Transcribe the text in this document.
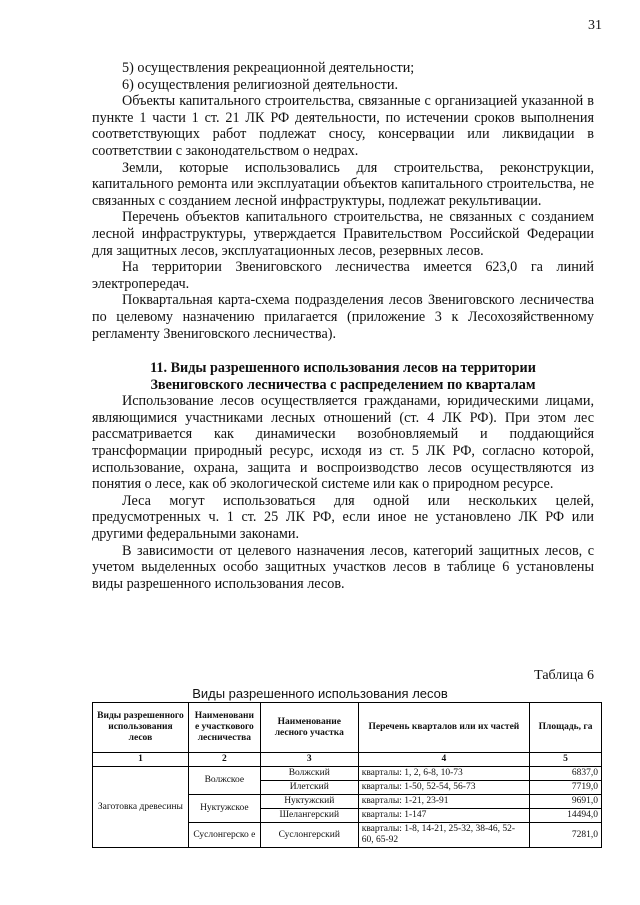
31

5) осуществления рекреационной деятельности;

6) осуществления религиозной деятельности.

Объекты капитального строительства, связанные с организацией указанной в пункте 1 части 1 ст. 21 ЛК РФ деятельности, по истечении сроков выполнения соответствующих работ подлежат сносу, консервации или ликвидации в соответствии с законодательством о недрах.

Земли, которые использовались для строительства, реконструкции, капитального ремонта или эксплуатации объектов капитального строительства, не связанных с созданием лесной инфраструктуры, подлежат рекультивации.

Перечень объектов капитального строительства, не связанных с созданием лесной инфраструктуры, утверждается Правительством Российской Федерации для защитных лесов, эксплуатационных лесов, резервных лесов.

На территории Звениговского лесничества имеется 623,0 га линий электропередач.

Поквартальная карта-схема подразделения лесов Звениговского лесничества по целевому назначению прилагается (приложение 3 к Лесохозяйственному регламенту Звениговского лесничества).

11. Виды разрешенного использования лесов на территории
Звениговского лесничества с распределением по кварталам

Использование лесов осуществляется гражданами, юридическими лицами, являющимися участниками лесных отношений (ст. 4 ЛК РФ). При этом лес рассматривается как динамически возобновляемый и поддающийся трансформации природный ресурс, исходя из ст. 5 ЛК РФ, согласно которой, использование, охрана, защита и воспроизводство лесов осуществляются из понятия о лесе, как об экологической системе или как о природном ресурсе.

Леса могут использоваться для одной или нескольких целей, предусмотренных ч. 1 ст. 25 ЛК РФ, если иное не установлено ЛК РФ или другими федеральными законами.

В зависимости от целевого назначения лесов, категорий защитных лесов, с учетом выделенных особо защитных участков лесов в таблице 6 установлены виды разрешенного использования лесов.

Таблица 6
Виды разрешенного использования лесов
Виды разрешенного использования лесов	Наименовани е участкового лесничества	Наименование лесного участка	Перечень кварталов или их частей	Площадь, га
1	2	3	4	5
Заготовка древесины	Волжское	Волжский	кварталы: 1, 2, 6-8, 10-73	6837,0
		Илетский	кварталы: 1-50, 52-54, 56-73	7719,0
	Нуктужское	Нуктужский	кварталы: 1-21, 23-91	9691,0
		Шелангерский	кварталы: 1-147	14494,0
	Суслонгерско е	Суслонгерский	кварталы: 1-8, 14-21, 25-32, 38-46, 52-60, 65-92	7281,0
